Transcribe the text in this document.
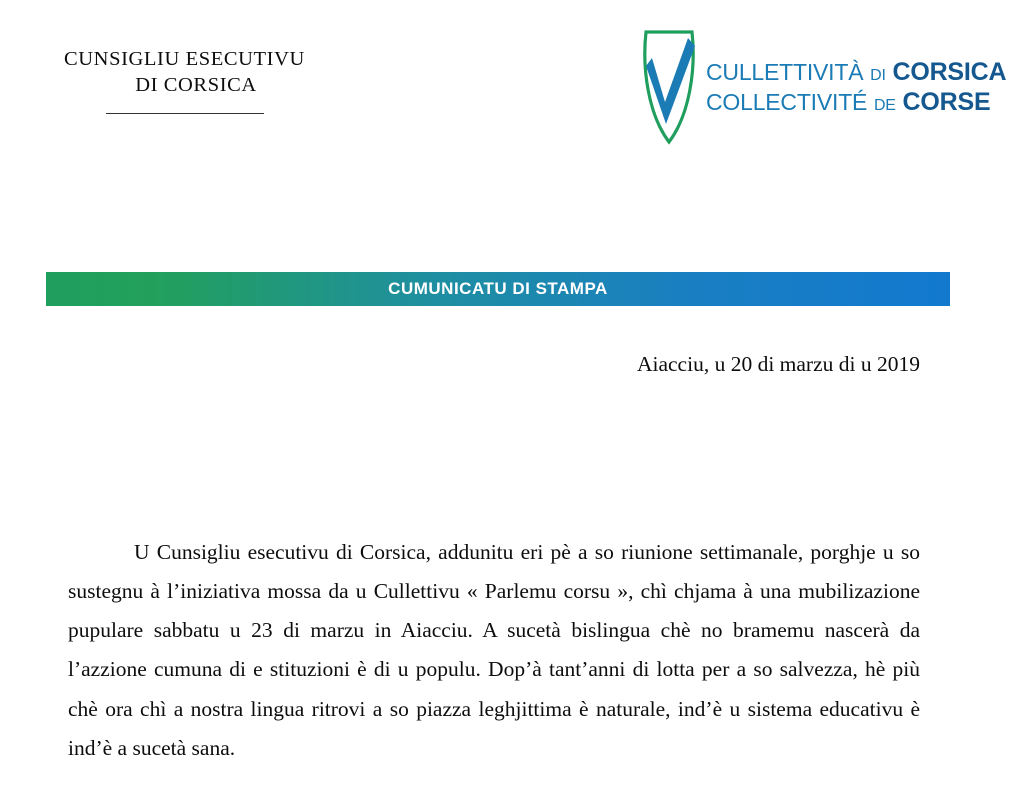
CUNSIGLIU ESECUTIVU
DI CORSICA	CULLETTIVITÀ DI CORSICA
COLLECTIVITÉ DE CORSE
CUMUNICATU DI STAMPA
Aiacciu, u 20 di marzu di u 2019

U Cunsigliu esecutivu di Corsica, addunitu eri pè a so riunione settimanale, porghje u so sustegnu à l’iniziativa mossa da u Cullettivu « Parlemu corsu », chì chjama à una mubilizazione pupulare sabbatu u 23 di marzu in Aiacciu. A sucetà bislingua chè no bramemu nascerà da l’azzione cumuna di e stituzioni è di u populu. Dop’à tant’anni di lotta per a so salvezza, hè più chè ora chì a nostra lingua ritrovi a so piazza leghjittima è naturale, ind’è u sistema educativu è ind’è a sucetà sana.
